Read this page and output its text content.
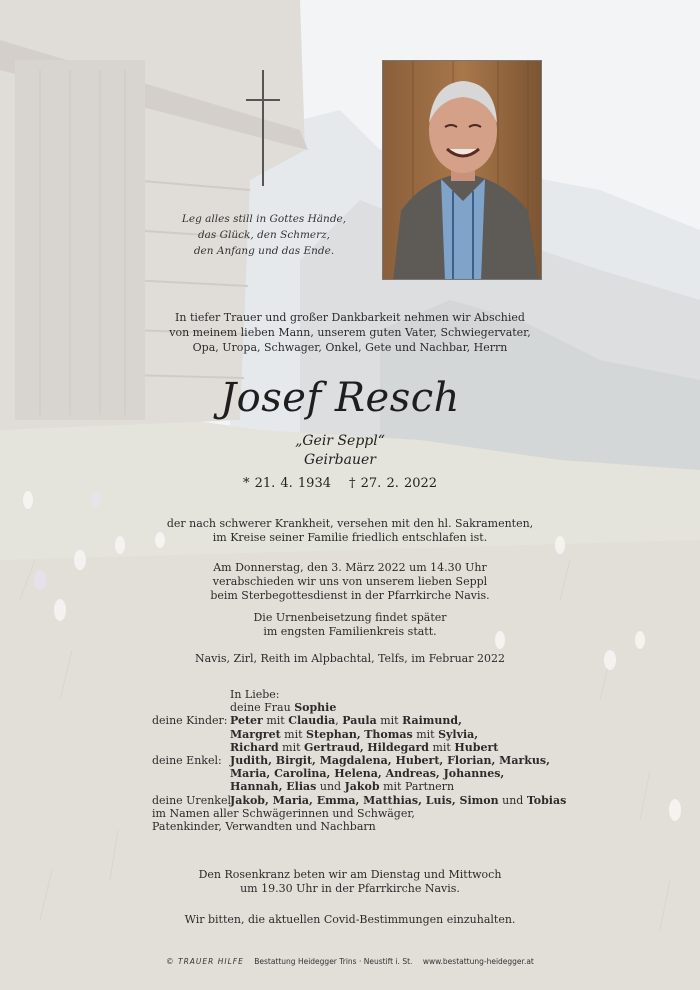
Leg alles still in Gottes Hände,
das Glück, den Schmerz,
den Anfang und das Ende.
In tiefer Trauer und großer Dankbarkeit nehmen wir Abschied
von meinem lieben Mann, unserem guten Vater, Schwiegervater,
Opa, Uropa, Schwager, Onkel, Gete und Nachbar, Herrn
Josef Resch
„Geir Seppl“
Geirbauer
* 21. 4. 1934 † 27. 2. 2022
der nach schwerer Krankheit, versehen mit den hl. Sakramenten,
im Kreise seiner Familie friedlich entschlafen ist.
Am Donnerstag, den 3. März 2022 um 14.30 Uhr
verabschieden wir uns von unserem lieben Seppl
beim Sterbegottesdienst in der Pfarrkirche Navis.
Die Urnenbeisetzung findet später
im engsten Familienkreis statt.
Navis, Zirl, Reith im Alpbachtal, Telfs, im Februar 2022
In Liebe:
deine Frau
Sophie
deine Kinder: Peter mit Claudia, Paula mit Raimund,
Margret mit Stephan, Thomas mit Sylvia,
Richard mit Gertraud, Hildegard mit Hubert
deine Enkel: Judith, Birgit, Magdalena, Hubert, Florian, Markus,
Maria, Carolina, Helena, Andreas, Johannes,
Hannah, Elias und Jakob mit Partnern
deine Urenkel:
Jakob, Maria, Emma, Matthias, Luis, Simon und Tobias
im Namen aller Schwägerinnen und Schwäger,
Patenkinder, Verwandten und Nachbarn
Den Rosenkranz beten wir am Dienstag und Mittwoch
um 19.30 Uhr in der Pfarrkirche Navis.
Wir bitten, die aktuellen Covid-Bestimmungen einzuhalten.
© TRAUER HILFE Bestattung Heidegger Trins · Neustift i. St. www.bestattung-heidegger.at
